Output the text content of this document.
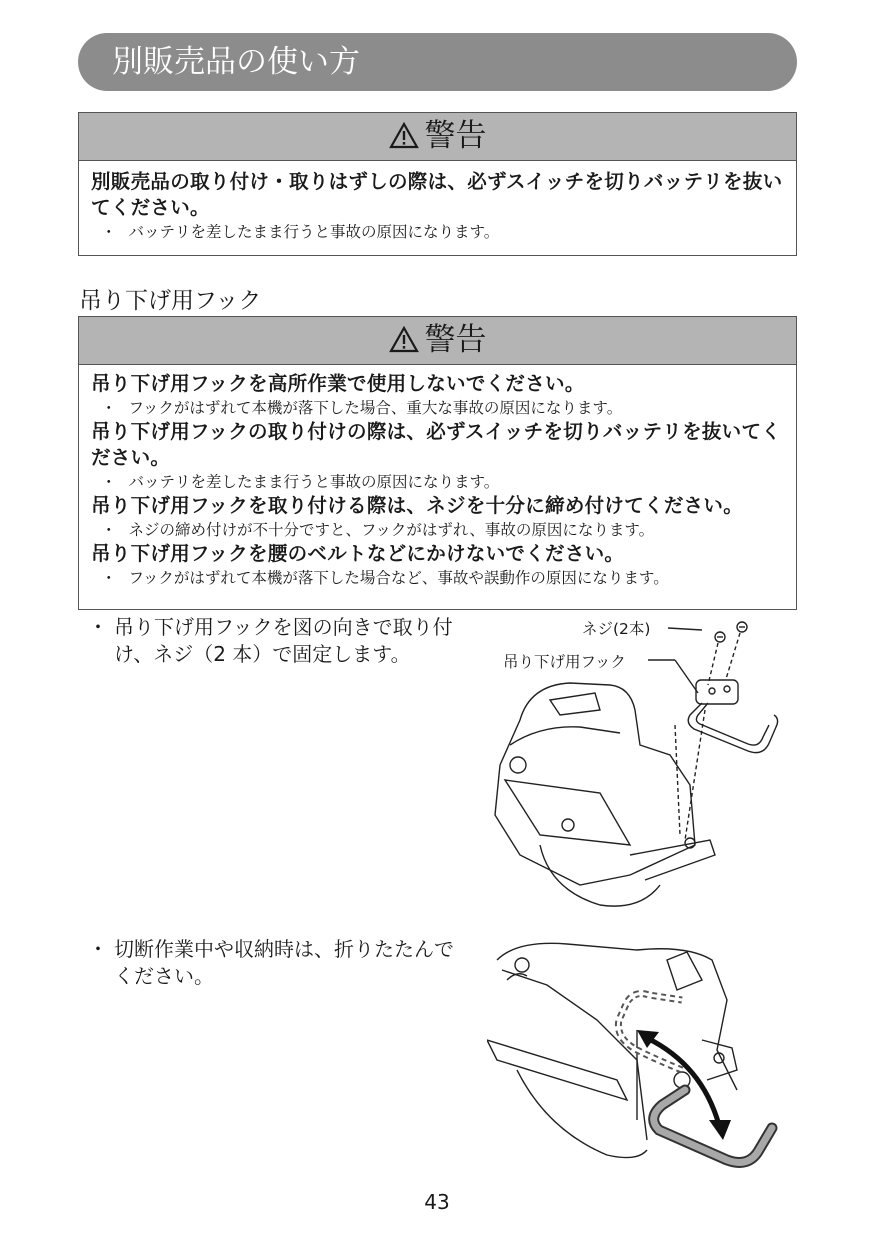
別販売品の使い方
警告
別販売品の取り付け・取りはずしの際は、必ずスイッチを切りバッテリを抜いてください。
・ バッテリを差したまま行うと事故の原因になります。
吊り下げ用フック
警告
吊り下げ用フックを高所作業で使用しないでください。
・ フックがはずれて本機が落下した場合、重大な事故の原因になります。
吊り下げ用フックの取り付けの際は、必ずスイッチを切りバッテリを抜いてください。
・ バッテリを差したまま行うと事故の原因になります。
吊り下げ用フックを取り付ける際は、ネジを十分に締め付けてください。
・ ネジの締め付けが不十分ですと、フックがはずれ、事故の原因になります。
吊り下げ用フックを腰のベルトなどにかけないでください。
・ フックがはずれて本機が落下した場合など、事故や誤動作の原因になります。
・ 吊り下げ用フックを図の向きで取り付け、ネジ（2 本）で固定します。
ネジ(2本)
吊り下げ用フック
・ 切断作業中や収納時は、折りたたんでください。
43
